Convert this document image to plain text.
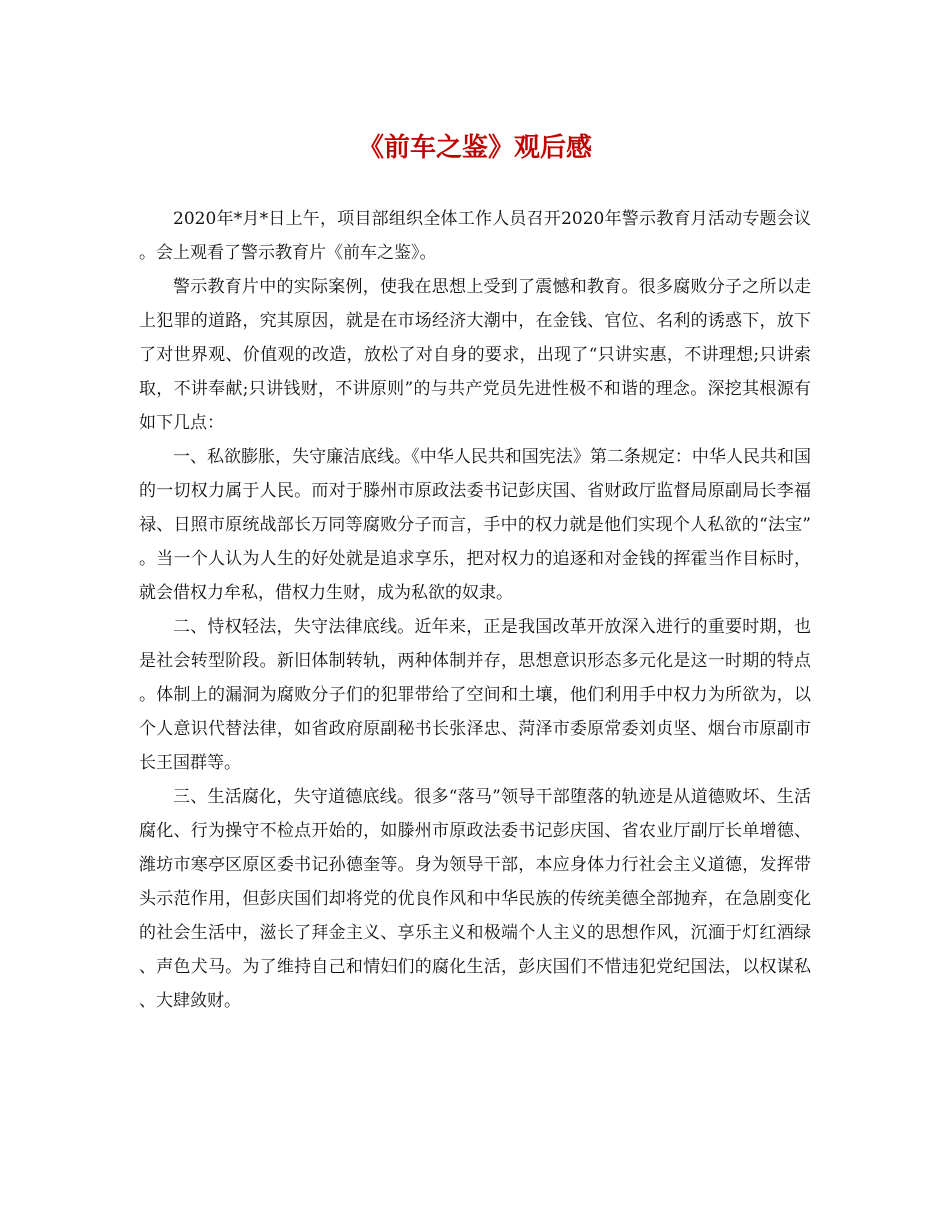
《前车之鉴》观后感

2020年*月*日上午，项目部组织全体工作人员召开2020年警示教育月活动专题会议。会上观看了警示教育片《前车之鉴》。

警示教育片中的实际案例，使我在思想上受到了震憾和教育。很多腐败分子之所以走上犯罪的道路，究其原因，就是在市场经济大潮中，在金钱、官位、名利的诱惑下，放下了对世界观、价值观的改造，放松了对自身的要求，出现了“只讲实惠，不讲理想;只讲索取，不讲奉献;只讲钱财，不讲原则”的与共产党员先进性极不和谐的理念。深挖其根源有如下几点：

一、私欲膨胀，失守廉洁底线。《中华人民共和国宪法》第二条规定：中华人民共和国的一切权力属于人民。而对于滕州市原政法委书记彭庆国、省财政厅监督局原副局长李福禄、日照市原统战部长万同等腐败分子而言，手中的权力就是他们实现个人私欲的“法宝”。当一个人认为人生的好处就是追求享乐，把对权力的追逐和对金钱的挥霍当作目标时，就会借权力牟私，借权力生财，成为私欲的奴隶。

二、恃权轻法，失守法律底线。近年来，正是我国改革开放深入进行的重要时期，也是社会转型阶段。新旧体制转轨，两种体制并存，思想意识形态多元化是这一时期的特点。体制上的漏洞为腐败分子们的犯罪带给了空间和土壤，他们利用手中权力为所欲为，以个人意识代替法律，如省政府原副秘书长张泽忠、菏泽市委原常委刘贞坚、烟台市原副市长王国群等。

三、生活腐化，失守道德底线。很多“落马”领导干部堕落的轨迹是从道德败坏、生活腐化、行为操守不检点开始的，如滕州市原政法委书记彭庆国、省农业厅副厅长单增德、潍坊市寒亭区原区委书记孙德奎等。身为领导干部，本应身体力行社会主义道德，发挥带头示范作用，但彭庆国们却将党的优良作风和中华民族的传统美德全部抛弃，在急剧变化的社会生活中，滋长了拜金主义、享乐主义和极端个人主义的思想作风，沉湎于灯红酒绿、声色犬马。为了维持自己和情妇们的腐化生活，彭庆国们不惜违犯党纪国法，以权谋私、大肆敛财。
